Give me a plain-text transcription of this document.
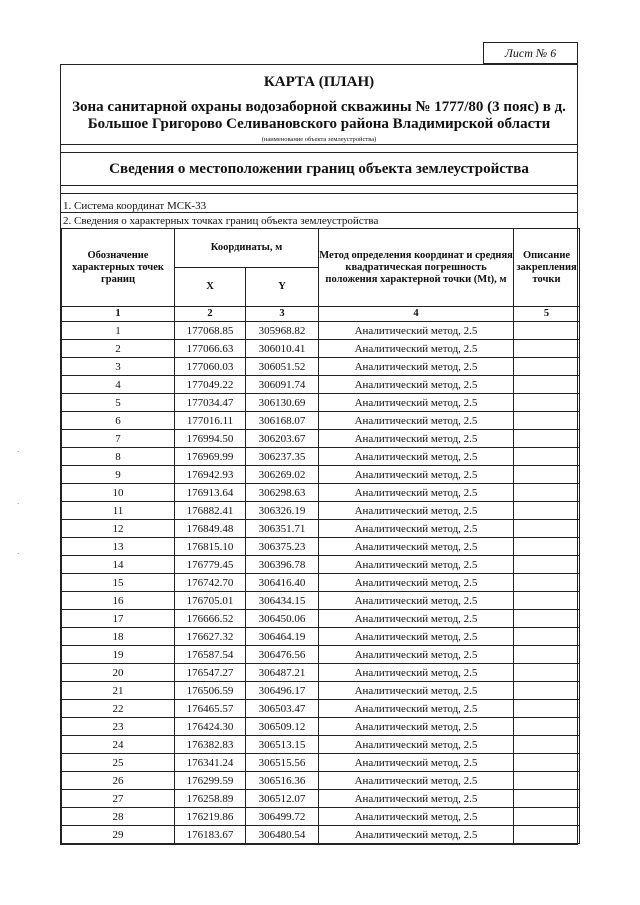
Лист № 6
·
·
·
КАРТА (ПЛАН)
Зона санитарной охраны водозаборной скважины № 1777/80 (3 пояс) в д.
Большое Григорово Селивановского района Владимирской области
(наименование объекта землеустройства)
Сведения о местоположении границ объекта землеустройства
1. Система координат МСК-33
2. Сведения о характерных точках границ объекта землеустройства
Обозначение характерных точек границ	Координаты, м		Метод определения координат и средняя квадратическая погрешность положения характерной точки (Mt), м	Описание закрепления точки
	X	Y		
1	2	3	4	5
1	177068.85	305968.82	Аналитический метод, 2.5	
2	177066.63	306010.41	Аналитический метод, 2.5	
3	177060.03	306051.52	Аналитический метод, 2.5	
4	177049.22	306091.74	Аналитический метод, 2.5	
5	177034.47	306130.69	Аналитический метод, 2.5	
6	177016.11	306168.07	Аналитический метод, 2.5	
7	176994.50	306203.67	Аналитический метод, 2.5	
8	176969.99	306237.35	Аналитический метод, 2.5	
9	176942.93	306269.02	Аналитический метод, 2.5	
10	176913.64	306298.63	Аналитический метод, 2.5	
11	176882.41	306326.19	Аналитический метод, 2.5	
12	176849.48	306351.71	Аналитический метод, 2.5	
13	176815.10	306375.23	Аналитический метод, 2.5	
14	176779.45	306396.78	Аналитический метод, 2.5	
15	176742.70	306416.40	Аналитический метод, 2.5	
16	176705.01	306434.15	Аналитический метод, 2.5	
17	176666.52	306450.06	Аналитический метод, 2.5	
18	176627.32	306464.19	Аналитический метод, 2.5	
19	176587.54	306476.56	Аналитический метод, 2.5	
20	176547.27	306487.21	Аналитический метод, 2.5	
21	176506.59	306496.17	Аналитический метод, 2.5	
22	176465.57	306503.47	Аналитический метод, 2.5	
23	176424.30	306509.12	Аналитический метод, 2.5	
24	176382.83	306513.15	Аналитический метод, 2.5	
25	176341.24	306515.56	Аналитический метод, 2.5	
26	176299.59	306516.36	Аналитический метод, 2.5	
27	176258.89	306512.07	Аналитический метод, 2.5	
28	176219.86	306499.72	Аналитический метод, 2.5	
29	176183.67	306480.54	Аналитический метод, 2.5	
